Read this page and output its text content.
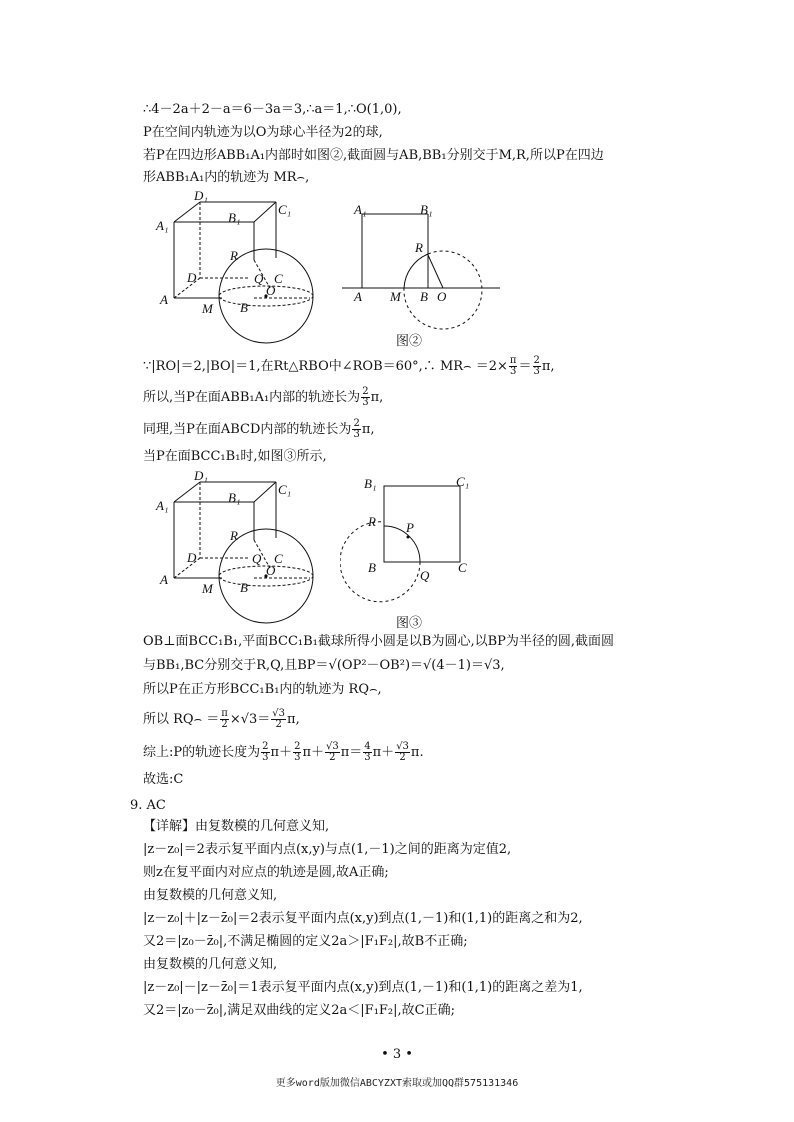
∴4－2a＋2－a＝6－3a＝3,∴a＝1,∴O(1,0),
P在空间内轨迹为以O为球心半径为2的球,
若P在四边形ABB₁A₁内部时如图②,截面圆与AB,BB₁分别交于M,R,所以P在四边
形ABB₁A₁内的轨迹为 MR⌢,
D₁
C₁
A₁
B₁
R
D	Q C
O
A
M B
A₁	B₁
R
A M B O
图②
∵|RO|＝2,|BO|＝1,在Rt△RBO中∠ROB＝60°,∴ MR⌢ $=2\times \frac{\pi}{3} = \frac{2}{3} \pi$,
所以,当P在面ABB₁A₁内部的轨迹长为 $\frac{2}{3} \pi$,
同理,当P在面ABCD内部的轨迹长为 $\frac{2}{3} \pi$,
当P在面BCC₁B₁时,如图③所示,
D₁
C₁
A₁
B₁
R
D	Q C
O
A
M B
B₁	C₁
R P
B
Q
C
图③
OB⊥面BCC₁B₁,平面BCC₁B₁截球所得小圆是以B为圆心,以BP为半径的圆,截面圆
与BB₁,BC分别交于R,Q,且BP＝√(OP²－OB²)＝√(4－1)＝√3,
所以P在正方形BCC₁B₁内的轨迹为 RQ⌢,
所以 RQ⌢ ＝ $\frac{\pi}{2} \times√3= \frac{√3}{2} \pi$,
综上:P的轨迹长度为 $\frac{2}{3} \pi+ \frac{2}{3} \pi+ \frac{√3}{2} \pi= \frac{4}{3} \pi+ \frac{√3}{2} \pi$.
故选:C
9. AC
【详解】由复数模的几何意义知,
|z－z₀|＝2表示复平面内点(x,y)与点(1,－1)之间的距离为定值2,
则z在复平面内对应点的轨迹是圆,故A正确;
由复数模的几何意义知,
|z－z₀|＋|z－z̄₀|＝2表示复平面内点(x,y)到点(1,－1)和(1,1)的距离之和为2,
又2＝|z₀－z̄₀|,不满足椭圆的定义2a＞|F₁F₂|,故B不正确;
由复数模的几何意义知,
|z－z₀|－|z－z̄₀|＝1表示复平面内点(x,y)到点(1,－1)和(1,1)的距离之差为1,
又2＝|z₀－z̄₀|,满足双曲线的定义2a＜|F₁F₂|,故C正确;
• 3 •
更多word版加微信ABCYZXT索取或加QQ群575131346
